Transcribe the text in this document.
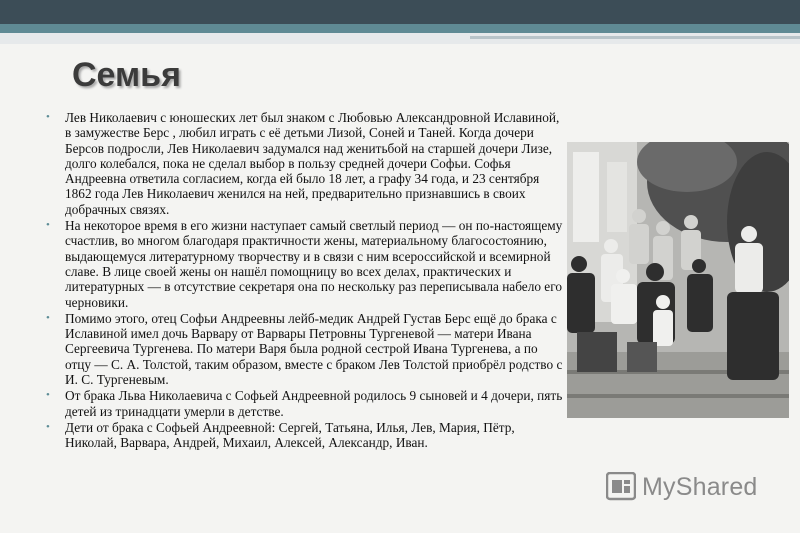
Семья
• Лев Николаевич с юношеских лет был знаком с Любовью Александровной Иславиной, в замужестве Берс , любил играть с её детьми Лизой, Соней и Таней. Когда дочери Берсов подросли, Лев Николаевич задумался над женитьбой на старшей дочери Лизе, долго колебался, пока не сделал выбор в пользу средней дочери Софьи. Софья Андреевна ответила согласием, когда ей было 18 лет, а графу 34 года, и 23 сентября 1862 года Лев Николаевич женился на ней, предварительно признавшись в своих добрачных связях.
• На некоторое время в его жизни наступает самый светлый период — он по-настоящему счастлив, во многом благодаря практичности жены, материальному благосостоянию, выдающемуся литературному творчеству и в связи с ним всероссийской и всемирной славе. В лице своей жены он нашёл помощницу во всех делах, практических и литературных — в отсутствие секретаря она по нескольку раз переписывала набело его черновики.
• Помимо этого, отец Софьи Андреевны лейб-медик Андрей Густав Берс ещё до брака с Иславиной имел дочь Варвару от Варвары Петровны Тургеневой — матери Ивана Сергеевича Тургенева. По матери Варя была родной сестрой Ивана Тургенева, а по отцу — С. А. Толстой, таким образом, вместе с браком Лев Толстой приобрёл родство с И. С. Тургеневым.
• От брака Льва Николаевича с Софьей Андреевной родилось 9 сыновей и 4 дочери, пять детей из тринадцати умерли в детстве.
• Дети от брака с Софьей Андреевной: Сергей, Татьяна, Илья, Лев, Мария, Пётр, Николай, Варвара, Андрей, Михаил, Алексей, Александр, Иван.
MyShared
